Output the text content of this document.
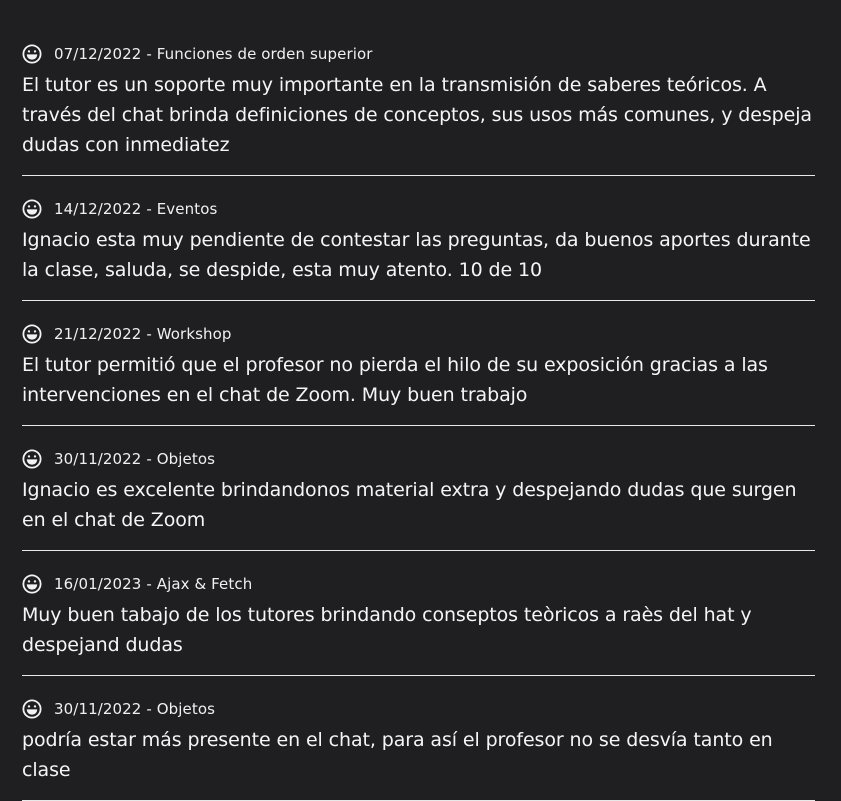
07/12/2022 - Funciones de orden superior
El tutor es un soporte muy importante en la transmisión de saberes teóricos. A través del chat brinda definiciones de conceptos, sus usos más comunes, y despeja dudas con inmediatez
14/12/2022 - Eventos
Ignacio esta muy pendiente de contestar las preguntas, da buenos aportes durante la clase, saluda, se despide, esta muy atento. 10 de 10
21/12/2022 - Workshop
El tutor permitió que el profesor no pierda el hilo de su exposición gracias a las intervenciones en el chat de Zoom. Muy buen trabajo
30/11/2022 - Objetos
Ignacio es excelente brindandonos material extra y despejando dudas que surgen en el chat de Zoom
16/01/2023 - Ajax & Fetch
Muy buen tabajo de los tutores brindando conseptos teòricos a raès del hat y despejand dudas
30/11/2022 - Objetos
podría estar más presente en el chat, para así el profesor no se desvía tanto en clase
